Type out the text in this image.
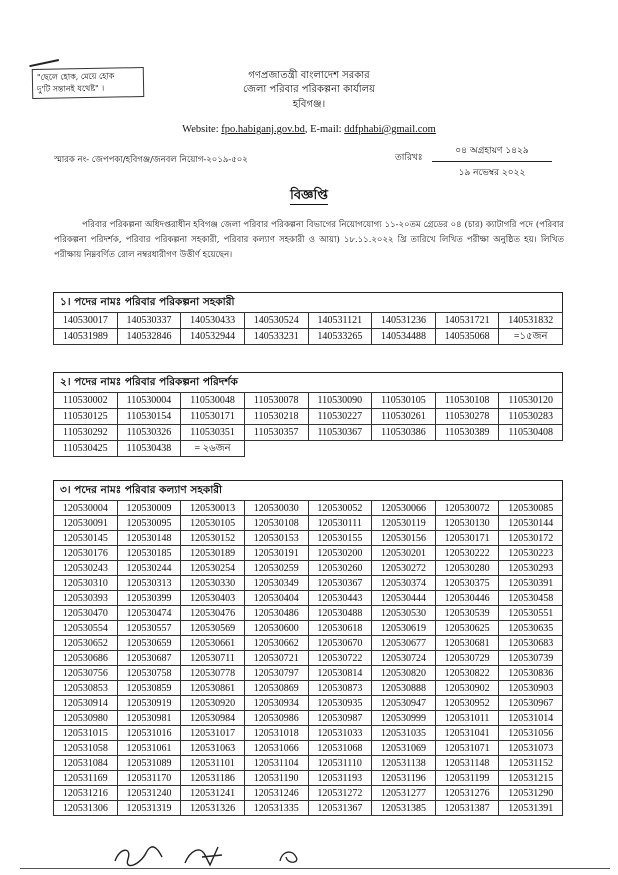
"ছেলে হোক, মেয়ে হোক
দু'টি সন্তানই যথেষ্ট" ।
গণপ্রজাতন্ত্রী বাংলাদেশ সরকার
জেলা পরিবার পরিকল্পনা কার্যালয়
হবিগঞ্জ।
Website: fpo.habiganj.gov.bd, E-mail: ddfphabi@gmail.com
স্মারক নং- জেপপকা/হবিগঞ্জ/জনবল নিয়োগ-২০১৯-৫০২	তারিখঃ
০৪ অগ্রহায়ণ ১৪২৯
১৯ নভেম্বর ২০২২
বিজ্ঞপ্তি
পরিবার পরিকল্পনা অধিদপ্তরাধীন হবিগঞ্জ জেলা পরিবার পরিকল্পনা বিভাগের নিয়োগযোগ্য ১১-২০তম গ্রেডের ০৪ (চার) ক্যাটাগরি পদে (পরিবার পরিকল্পনা পরিদর্শক, পরিবার পরিকল্পনা সহকারী, পরিবার কল্যাণ সহকারী ও আয়া) ১৮.১১.২০২২ খ্রি তারিখে লিখিত পরীক্ষা অনুষ্ঠিত হয়। লিখিত পরীক্ষায় নিম্নবর্ণিত রোল নম্বরধারীগণ উত্তীর্ণ হয়েছেন।
১। পদের নামঃ পরিবার পরিকল্পনা সহকারী
140530017	140530337	140530433	140530524	140531121	140531236	140531721	140531832
140531989	140532846	140532944	140533231	140533265	140534488	140535068	=১৫জন
২। পদের নামঃ পরিবার পরিকল্পনা পরিদর্শক
110530002	110530004	110530048	110530078	110530090	110530105	110530108	110530120
110530125	110530154	110530171	110530218	110530227	110530261	110530278	110530283
110530292	110530326	110530351	110530357	110530367	110530386	110530389	110530408
110530425	110530438	= ২৬জন					
৩। পদের নামঃ পরিবার কল্যাণ সহকারী
120530004	120530009	120530013	120530030	120530052	120530066	120530072	120530085
120530091	120530095	120530105	120530108	120530111	120530119	120530130	120530144
120530145	120530148	120530152	120530153	120530155	120530156	120530171	120530172
120530176	120530185	120530189	120530191	120530200	120530201	120530222	120530223
120530243	120530244	120530254	120530259	120530260	120530272	120530280	120530293
120530310	120530313	120530330	120530349	120530367	120530374	120530375	120530391
120530393	120530399	120530403	120530404	120530443	120530444	120530446	120530458
120530470	120530474	120530476	120530486	120530488	120530530	120530539	120530551
120530554	120530557	120530569	120530600	120530618	120530619	120530625	120530635
120530652	120530659	120530661	120530662	120530670	120530677	120530681	120530683
120530686	120530687	120530711	120530721	120530722	120530724	120530729	120530739
120530756	120530758	120530778	120530797	120530814	120530820	120530822	120530836
120530853	120530859	120530861	120530869	120530873	120530888	120530902	120530903
120530914	120530919	120530920	120530934	120530935	120530947	120530952	120530967
120530980	120530981	120530984	120530986	120530987	120530999	120531011	120531014
120531015	120531016	120531017	120531018	120531033	120531035	120531041	120531056
120531058	120531061	120531063	120531066	120531068	120531069	120531071	120531073
120531084	120531089	120531101	120531104	120531110	120531138	120531148	120531152
120531169	120531170	120531186	120531190	120531193	120531196	120531199	120531215
120531216	120531240	120531241	120531246	120531272	120531277	120531276	120531290
120531306	120531319	120531326	120531335	120531367	120531385	120531387	120531391
